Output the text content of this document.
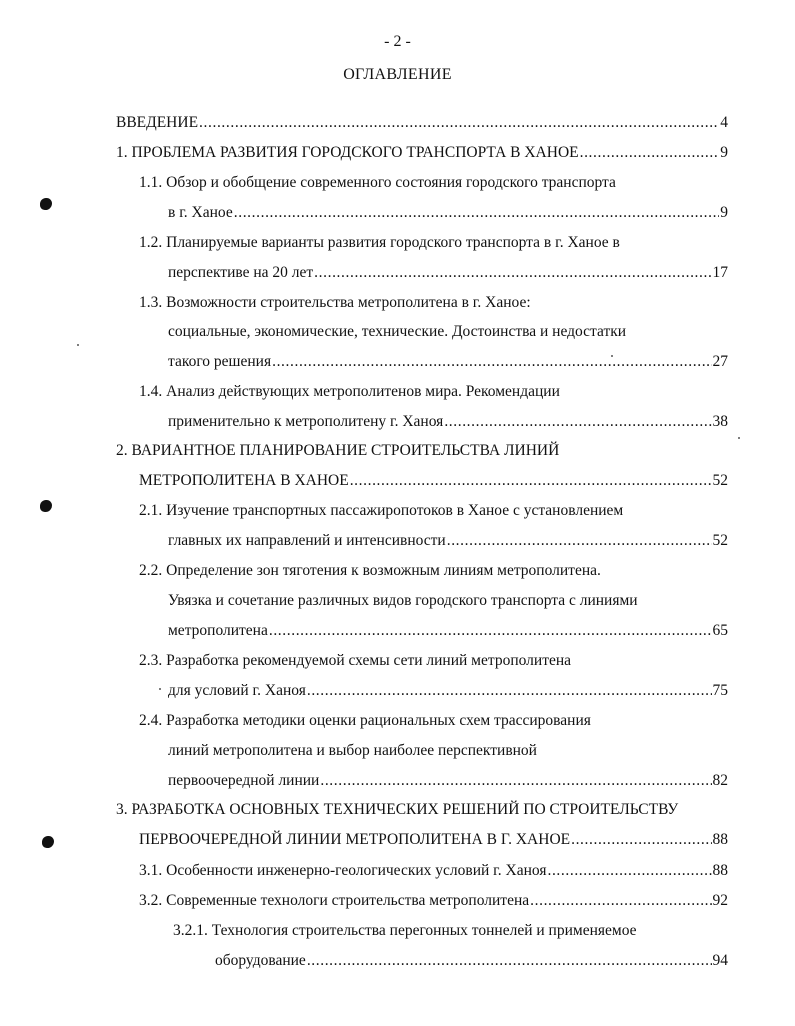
- 2 -
ОГЛАВЛЕНИЕ
ВВЕДЕНИЕ .....	4
1. ПРОБЛЕМА РАЗВИТИЯ ГОРОДСКОГО ТРАНСПОРТА В ХАНОЕ .....	9
1.1. Обзор и обобщение современного состояния городского транспорта
в г. Ханое .....	9
1.2. Планируемые варианты развития городского транспорта в г. Ханое в
перспективе на 20 лет .....	17
1.3. Возможности строительства метрополитена в г. Ханое:
социальные, экономические, технические. Достоинства и недостатки
такого решения .....	27
1.4. Анализ действующих метрополитенов мира. Рекомендации
применительно к метрополитену г. Ханоя .....	38
2. ВАРИАНТНОЕ ПЛАНИРОВАНИЕ СТРОИТЕЛЬСТВА ЛИНИЙ
МЕТРОПОЛИТЕНА В ХАНОЕ .....	52
2.1. Изучение транспортных пассажиропотоков в Ханое с установлением
главных их направлений и интенсивности .....	52
2.2. Определение зон тяготения к возможным линиям метрополитена.
Увязка и сочетание различных видов городского транспорта с линиями
метрополитена .....	65
2.3. Разработка рекомендуемой схемы сети линий метрополитена
для условий г. Ханоя .....	75
2.4. Разработка методики оценки рациональных схем трассирования
линий метрополитена и выбор наиболее перспективной
первоочередной линии .....	82
3. РАЗРАБОТКА ОСНОВНЫХ ТЕХНИЧЕСКИХ РЕШЕНИЙ ПО СТРОИТЕЛЬСТВУ
ПЕРВООЧЕРЕДНОЙ ЛИНИИ МЕТРОПОЛИТЕНА В Г. ХАНОЕ .....	88
3.1. Особенности инженерно-геологических условий г. Ханоя .....	88
3.2. Современные технологи строительства метрополитена .....	92
3.2.1. Технология строительства перегонных тоннелей и применяемое
оборудование .....	94
